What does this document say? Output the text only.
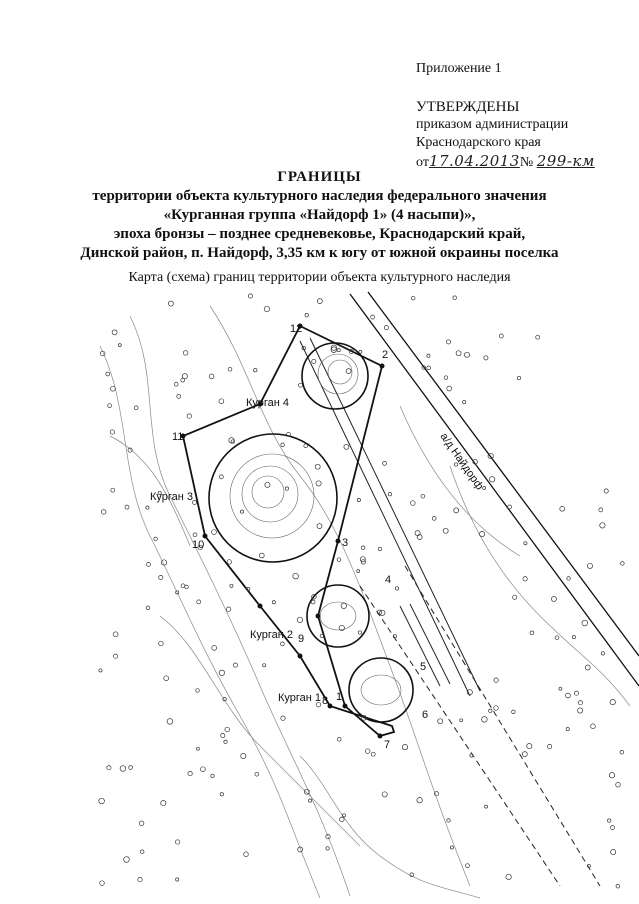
Приложение 1
УТВЕРЖДЕНЫ
приказом администрации
Краснодарского края
от17.04.2013№ 299-км
ГРАНИЦЫ
территории объекта культурного наследия федерального значения
«Курганная группа «Найдорф 1» (4 насыпи)»,
эпоха бронзы – позднее средневековье, Краснодарский край,
Динской район, п. Найдорф, 3,35 км к югу от южной окраины поселка
Карта (схема) границ территории объекта культурного наследия
а/д Найдорф
Курган 4
Курган 3
Курган 2
Курган 1
12
2
11
3
10
4
9
5
6
7
8 1
